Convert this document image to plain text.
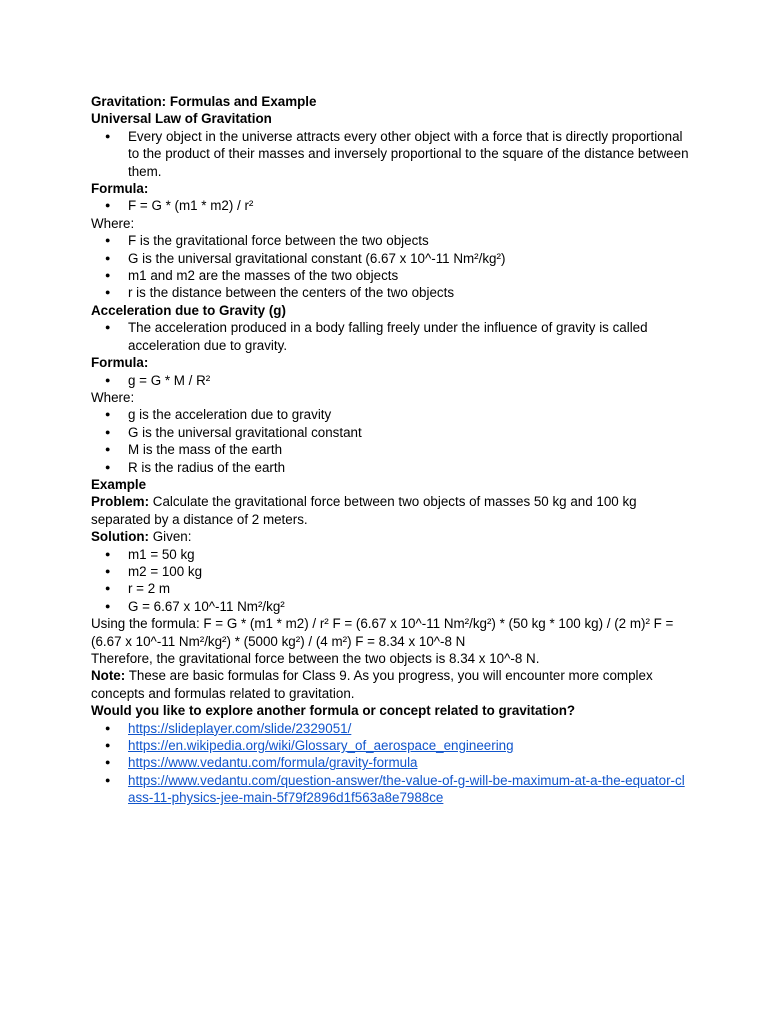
Gravitation: Formulas and Example

Universal Law of Gravitation

● Every object in the universe attracts every other object with a force that is directly proportional to the product of their masses and inversely proportional to the square of the distance between them.

Formula:

● F = G * (m1 * m2) / r²

Where:

● F is the gravitational force between the two objects
● G is the universal gravitational constant (6.67 x 10^-11 Nm²/kg²)
● m1 and m2 are the masses of the two objects
● r is the distance between the centers of the two objects

Acceleration due to Gravity (g)

● The acceleration produced in a body falling freely under the influence of gravity is called acceleration due to gravity.

Formula:

● g = G * M / R²

Where:

● g is the acceleration due to gravity
● G is the universal gravitational constant
● M is the mass of the earth
● R is the radius of the earth

Example

Problem: Calculate the gravitational force between two objects of masses 50 kg and 100 kg separated by a distance of 2 meters.

Solution: Given:

● m1 = 50 kg
● m2 = 100 kg
● r = 2 m
● G = 6.67 x 10^-11 Nm²/kg²

Using the formula: F = G * (m1 * m2) / r² F = (6.67 x 10^-11 Nm²/kg²) * (50 kg * 100 kg) / (2 m)² F = (6.67 x 10^-11 Nm²/kg²) * (5000 kg²) / (4 m²) F = 8.34 x 10^-8 N

Therefore, the gravitational force between the two objects is 8.34 x 10^-8 N.

Note: These are basic formulas for Class 9. As you progress, you will encounter more complex concepts and formulas related to gravitation.

Would you like to explore another formula or concept related to gravitation?

● https://slideplayer.com/slide/2329051/
● https://en.wikipedia.org/wiki/Glossary_of_aerospace_engineering
● https://www.vedantu.com/formula/gravity-formula
● https://www.vedantu.com/question-answer/the-value-of-g-will-be-maximum-at-a-the-equator-class-11-physics-jee-main-5f79f2896d1f563a8e7988ce
